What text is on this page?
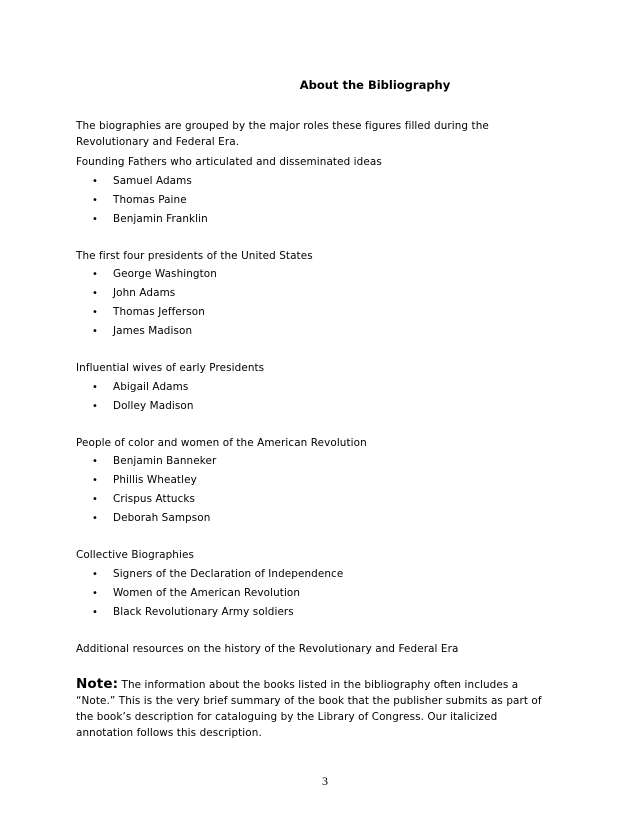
About the Bibliography

The biographies are grouped by the major roles these figures filled during the
Revolutionary and Federal Era.

Founding Fathers who articulated and disseminated ideas

• Samuel Adams
• Thomas Paine
• Benjamin Franklin

The first four presidents of the United States

• George Washington
• John Adams
• Thomas Jefferson
• James Madison

Influential wives of early Presidents

• Abigail Adams
• Dolley Madison

People of color and women of the American Revolution

• Benjamin Banneker
• Phillis Wheatley
• Crispus Attucks
• Deborah Sampson

Collective Biographies

• Signers of the Declaration of Independence
• Women of the American Revolution
• Black Revolutionary Army soldiers

Additional resources on the history of the Revolutionary and Federal Era

Note: The information about the books listed in the bibliography often includes a
“Note.” This is the very brief summary of the book that the publisher submits as part of
the book’s description for cataloguing by the Library of Congress. Our italicized
annotation follows this description.
3
